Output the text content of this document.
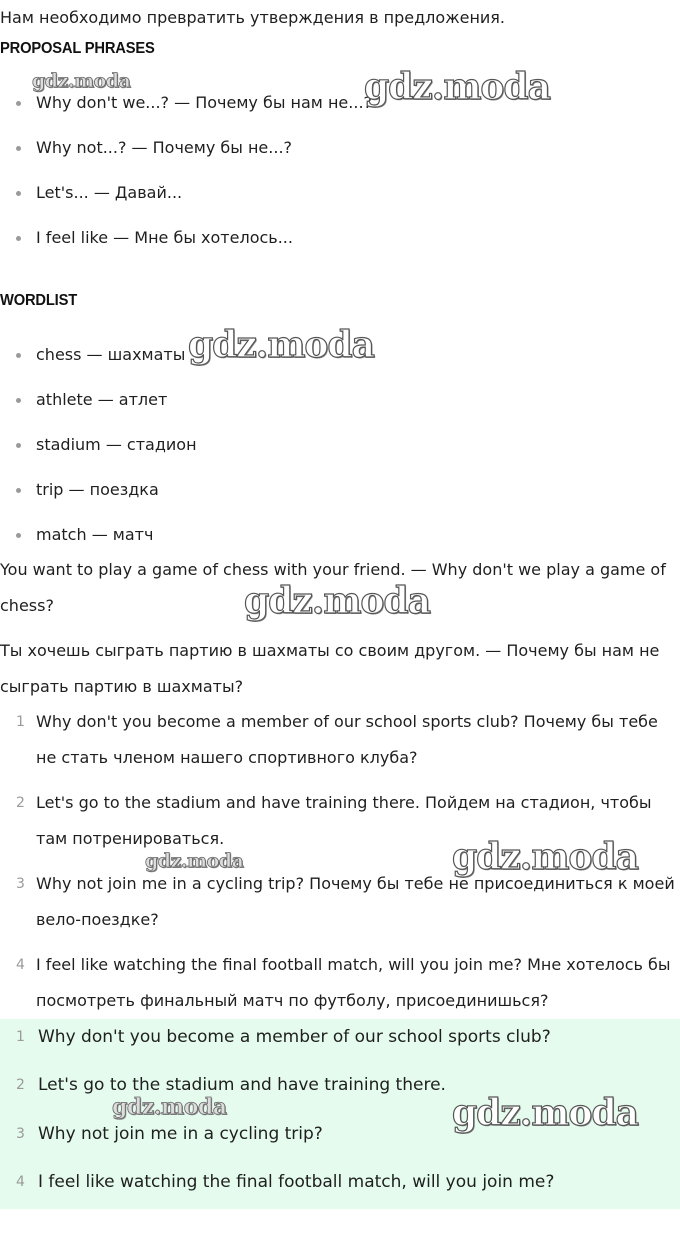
Нам необходимо превратить утверждения в предложения.
PROPOSAL PHRASES
Why don't we...? — Почему бы нам не...?
Why not...? — Почему бы не...?
Let's... — Давай...
I feel like — Мне бы хотелось...
WORDLIST
chess — шахматы
athlete — атлет
stadium — стадион
trip — поездка
match — матч
You want to play a game of chess with your friend. — Why don't we play a game of chess?
Ты хочешь сыграть партию в шахматы со своим другом. — Почему бы нам не сыграть партию в шахматы?
1 Why don't you become a member of our school sports club? Почему бы тебе не стать членом нашего спортивного клуба?
2 Let's go to the stadium and have training there. Пойдем на стадион, чтобы там потренироваться.
3 Why not join me in a cycling trip? Почему бы тебе не присоединиться к моей вело-поездке?
4 I feel like watching the final football match, will you join me? Мне хотелось бы посмотреть финальный матч по футболу, присоединишься?
1 Why don't you become a member of our school sports club?
2 Let's go to the stadium and have training there.
3 Why not join me in a cycling trip?
4 I feel like watching the final football match, will you join me?
gdz.moda	gdz.moda
gdz.moda
gdz.moda
gdz.moda	gdz.moda
gdz.moda	gdz.moda
